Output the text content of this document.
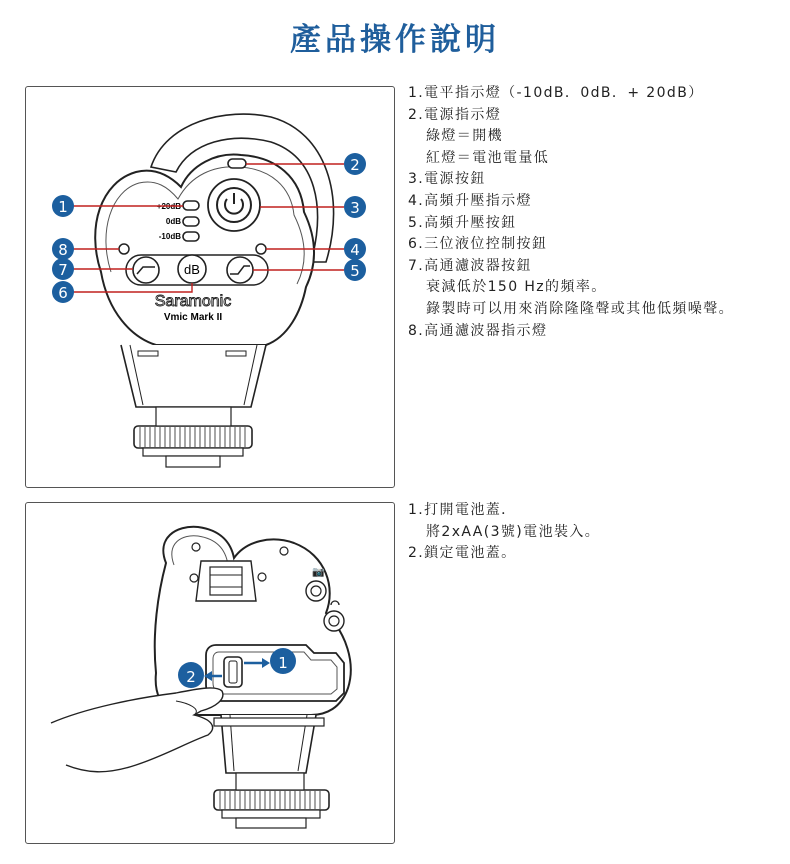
產品操作說明
+20dB
0dB
-10dB
dB
Saramonic
Vmic Mark II
1
2
3
4
5
6
7
8
1.電平指示燈（-10dB．0dB．+ 20dB）
2.電源指示燈
綠燈＝開機
紅燈＝電池電量低
3.電源按鈕
4.高頻升壓指示燈
5.高頻升壓按鈕
6.三位液位控制按鈕
7.高通濾波器按鈕
衰減低於150 Hz的頻率。
錄製時可以用來消除隆隆聲或其他低頻噪聲。
8.高通濾波器指示燈
📷
1
2
1.打開電池蓋．
將2xAA(3號)電池裝入。
2.鎖定電池蓋。
